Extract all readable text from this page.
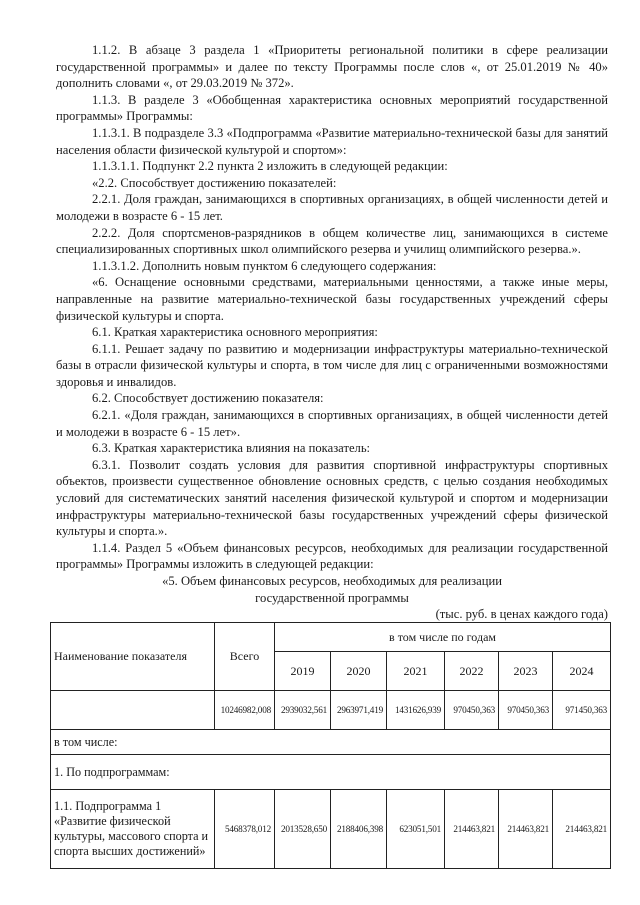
1.1.2. В абзаце 3 раздела 1 «Приоритеты региональной политики в сфере реализации государственной программы» и далее по тексту Программы после слов «, от 25.01.2019 № 40» дополнить словами «, от 29.03.2019 № 372».

1.1.3. В разделе 3 «Обобщенная характеристика основных мероприятий государственной программы» Программы:

1.1.3.1. В подразделе 3.3 «Подпрограмма «Развитие материально-технической базы для занятий населения области физической культурой и спортом»:

1.1.3.1.1. Подпункт 2.2 пункта 2 изложить в следующей редакции:

«2.2. Способствует достижению показателей:

2.2.1. Доля граждан, занимающихся в спортивных организациях, в общей численности детей и молодежи в возрасте 6 - 15 лет.

2.2.2. Доля спортсменов-разрядников в общем количестве лиц, занимающихся в системе специализированных спортивных школ олимпийского резерва и училищ олимпийского резерва.».

1.1.3.1.2. Дополнить новым пунктом 6 следующего содержания:

«6. Оснащение основными средствами, материальными ценностями, а также иные меры, направленные на развитие материально-технической базы государственных учреждений сферы физической культуры и спорта.

6.1. Краткая характеристика основного мероприятия:

6.1.1. Решает задачу по развитию и модернизации инфраструктуры материально-технической базы в отрасли физической культуры и спорта, в том числе для лиц с ограниченными возможностями здоровья и инвалидов.

6.2. Способствует достижению показателя:

6.2.1. «Доля граждан, занимающихся в спортивных организациях, в общей численности детей и молодежи в возрасте 6 - 15 лет».

6.3. Краткая характеристика влияния на показатель:

6.3.1. Позволит создать условия для развития спортивной инфраструктуры спортивных объектов, произвести существенное обновление основных средств, с целью создания необходимых условий для систематических занятий населения физической культурой и спортом и модернизации инфраструктуры материально-технической базы государственных учреждений сферы физической культуры и спорта.».

1.1.4. Раздел 5 «Объем финансовых ресурсов, необходимых для реализации государственной программы» Программы изложить в следующей редакции:

«5. Объем финансовых ресурсов, необходимых для реализации

государственной программы

(тыс. руб. в ценах каждого года)

Наименование показателя	Всего	в том числе по годам					
		2019	2020	2021	2022	2023	2024
	10246982,008	2939032,561	2963971,419	1431626,939	970450,363	970450,363	971450,363
в том числе:							
1. По подпрограммам:							
1.1. Подпрограмма 1 «Развитие физической культуры, массового спорта и спорта высших достижений»	5468378,012	2013528,650	2188406,398	623051,501	214463,821	214463,821	214463,821
